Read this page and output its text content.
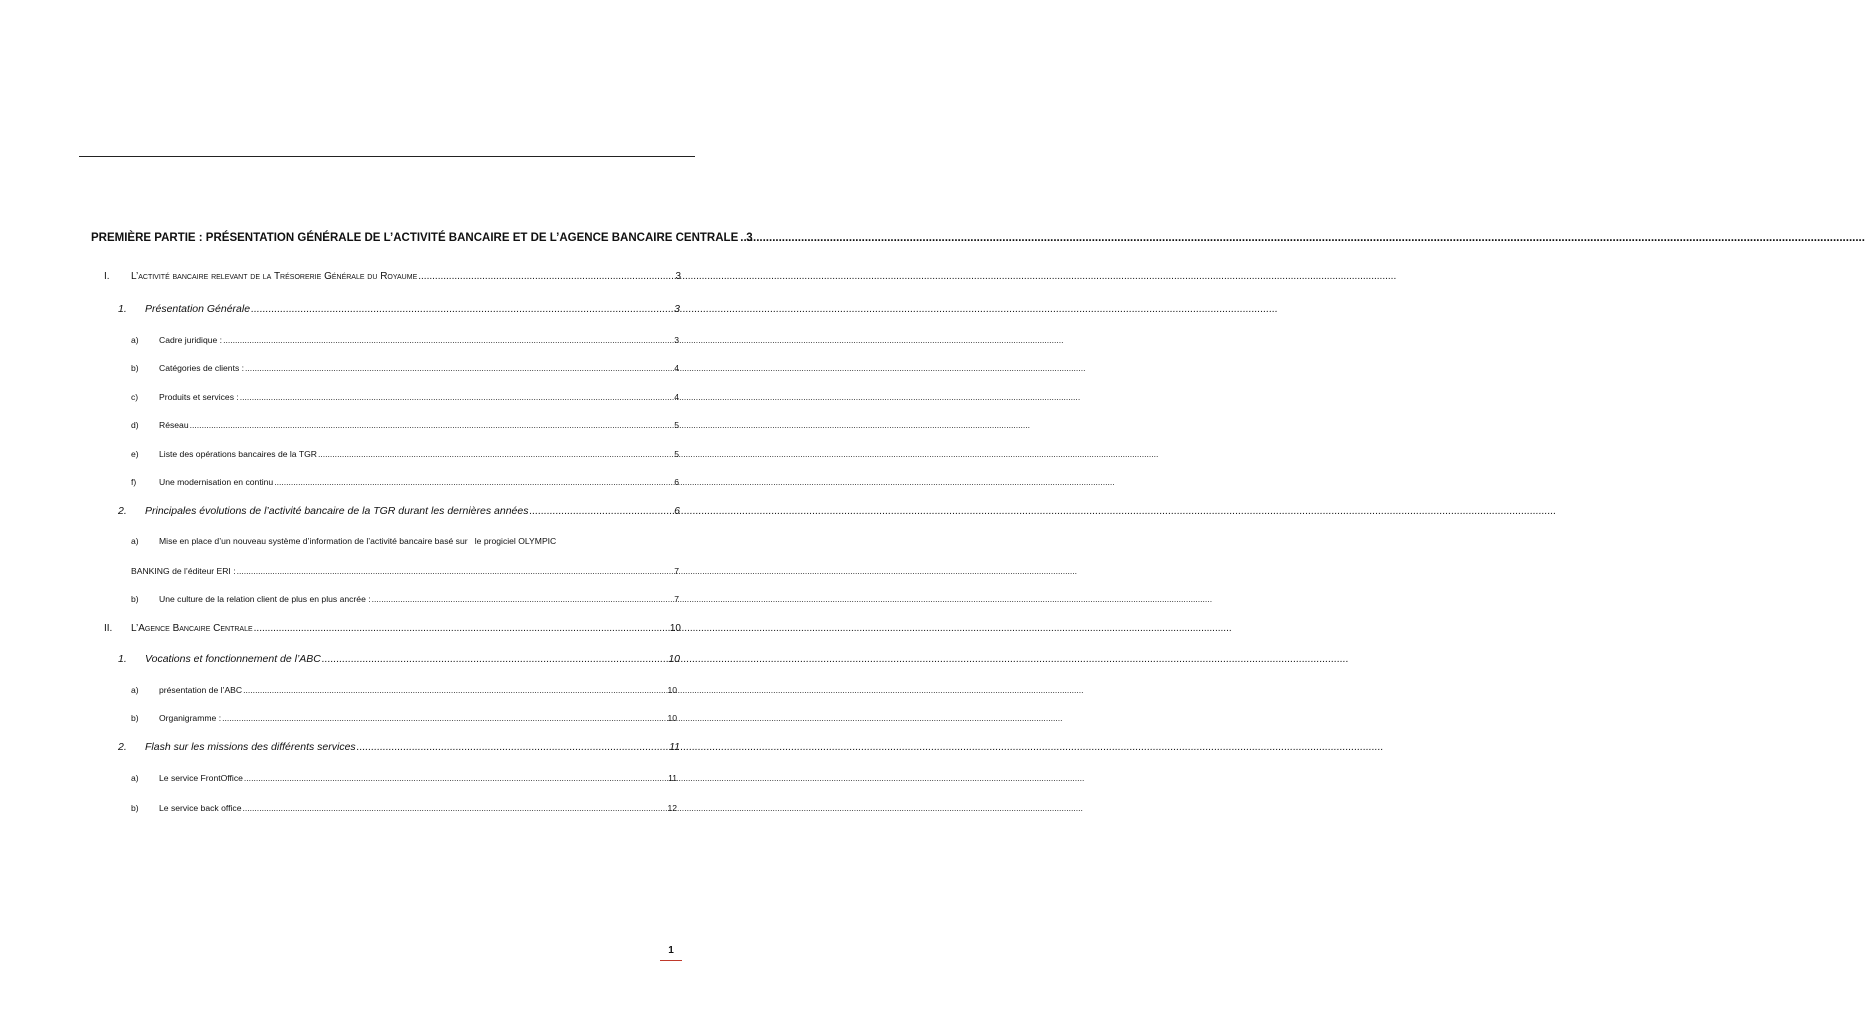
PREMIÈRE PARTIE : PRÉSENTATION GÉNÉRALE DE L’ACTIVITÉ BANCAIRE ET DE L’AGENCE BANCAIRE CENTRALE ..... 3
I.	L’activité bancaire relevant de la Trésorerie Générale du Royaume .....	3
1.	Présentation Générale .....	3
a)	Cadre juridique : .....	3
b)	Catégories de clients : .....	4
c)	Produits et services : .....	4
d)	Réseau .....	5
e)	Liste des opérations bancaires de la TGR .....	5
f)	Une modernisation en continu .....	6
2.	Principales évolutions de l’activité bancaire de la TGR durant les dernières années .....	6
a)	Mise en place d’un nouveau système d’information de l’activité bancaire basé sur   le progiciel OLYMPIC
BANKING de l’éditeur ERI : .....	7
b)	Une culture de la relation client de plus en plus ancrée : .....	7
II.	L’Agence Bancaire Centrale .....	10
1.	Vocations et fonctionnement de l’ABC .....	10
a)	présentation de l’ABC .....	10
b)	Organigramme : .....	10
2.	Flash sur les missions des différents services .....	11
a)	Le service FrontOffice .....	11
b)	Le service back office .....	12
1
